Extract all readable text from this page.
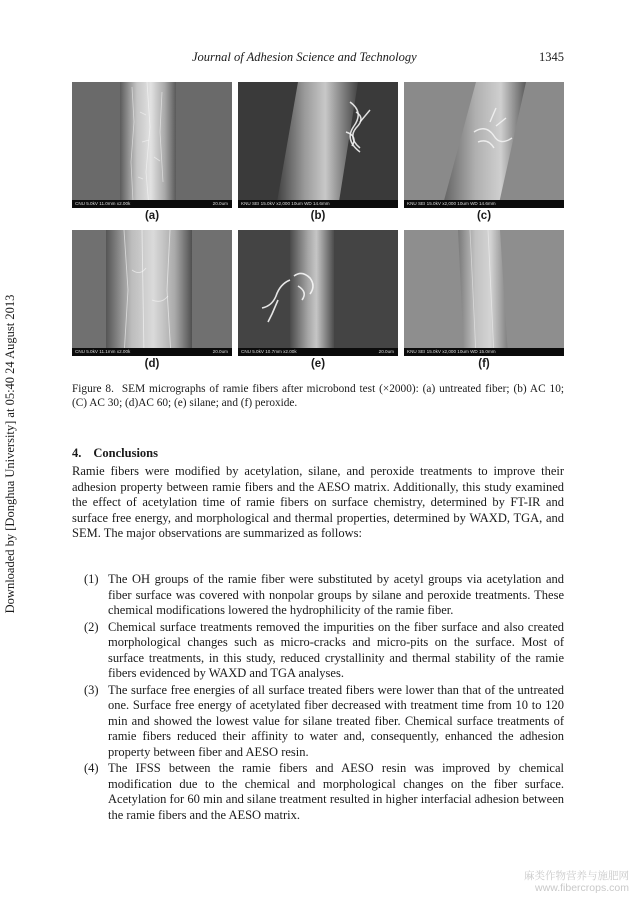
Journal of Adhesion Science and Technology	1345
Downloaded by [Donghua University] at 05:40 24 August 2013
CNU 5.0kV 11.0mm x2.00k	20.0um
(a)
KNU SEI 15.0kV x2,000 10um WD 14.6mm
(b)
KNU SEI 15.0kV x2,000 10um WD 14.6mm
(c)
CNU 5.0kV 11.1mm x2.00k	20.0um
(d)
CNU 5.0kV 10.7mm x2.00k	20.0um
(e)
KNU SEI 15.0kV x2,000 10um WD 15.0mm
(f)
Figure 8. SEM micrographs of ramie fibers after microbond test (×2000): (a) untreated fiber; (b) AC 10; (C) AC 30; (d)AC 60; (e) silane; and (f) peroxide.
4. Conclusions

Ramie fibers were modified by acetylation, silane, and peroxide treatments to improve their adhesion property between ramie fibers and the AESO matrix. Additionally, this study examined the effect of acetylation time of ramie fibers on surface chemistry, determined by FT-IR and surface free energy, and morphological and thermal properties, determined by WAXD, TGA, and SEM. The major observations are summarized as follows:

(1) The OH groups of the ramie fiber were substituted by acetyl groups via acetylation and fiber surface was covered with nonpolar groups by silane and peroxide treatments. These chemical modifications lowered the hydrophilicity of the ramie fiber.
(2) Chemical surface treatments removed the impurities on the fiber surface and also created morphological changes such as micro-cracks and micro-pits on the surface. Most of surface treatments, in this study, reduced crystallinity and thermal stability of the ramie fibers evidenced by WAXD and TGA analyses.
(3) The surface free energies of all surface treated fibers were lower than that of the untreated one. Surface free energy of acetylated fiber decreased with treatment time from 10 to 120 min and showed the lowest value for silane treated fiber. Chemical surface treatments of ramie fibers reduced their affinity to water and, consequently, enhanced the adhesion property between fiber and AESO resin.
(4) The IFSS between the ramie fibers and AESO resin was improved by chemical modification due to the chemical and morphological changes on the fiber surface. Acetylation for 60 min and silane treatment resulted in higher interfacial adhesion between the ramie fibers and the AESO matrix.
麻类作物营养与施肥网
www.fibercrops.com
